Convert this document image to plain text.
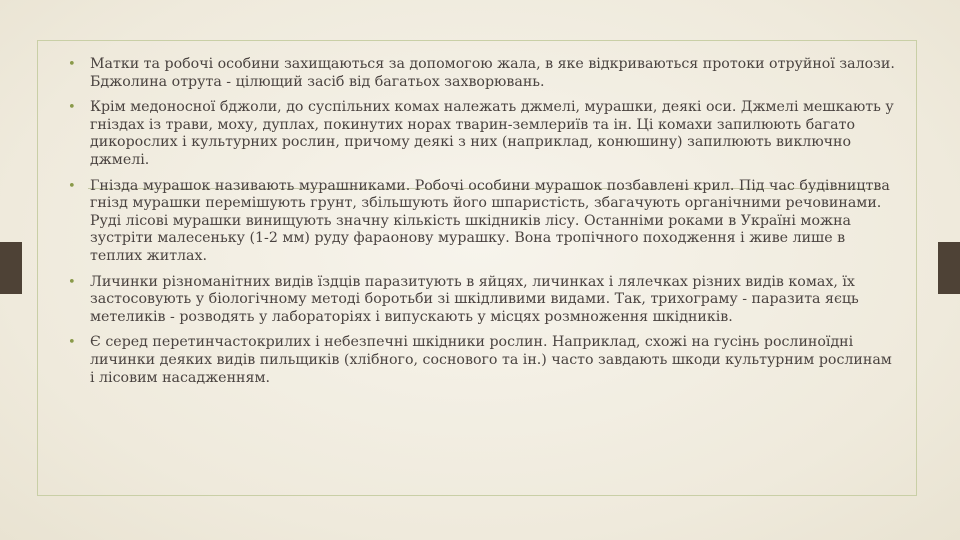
• Матки та робочі особини захищаються за допомогою жала, в яке відкриваються протоки отруйної залози. Бджолина отрута - цілющий засіб від багатьох захворювань.
• Крім медоносної бджоли, до суспільних комах належать джмелі, мурашки, деякі оси. Джмелі мешкають у гніздах із трави, моху, дуплах, покинутих норах тварин-землериїв та ін. Ці комахи запилюють багато дикорослих і культурних рослин, причому деякі з них (наприклад, конюшину) запилюють виключно джмелі.
• Гнізда мурашок називають мурашниками. Робочі особини мурашок позбавлені крил. Під час будівництва гнізд мурашки перемішують грунт, збільшують його шпаристість, збагачують органічними речовинами. Руді лісові мурашки винищують значну кількість шкідників лісу. Останніми роками в Україні можна зустріти малесеньку (1-2 мм) руду фараонову мурашку. Вона тропічного походження і живе лише в теплих житлах.
• Личинки різноманітних видів їздців паразитують в яйцях, личинках і лялечках різних видів комах, їх застосовують у біологічному методі боротьби зі шкідливими видами. Так, трихограму - паразита яєць метеликів - розводять у лабораторіях і випускають у місцях розмноження шкідників.
• Є серед перетинчастокрилих і небезпечні шкідники рослин. Наприклад, схожі на гусінь рослиноїдні личинки деяких видів пильщиків (хлібного, соснового та ін.) часто завдають шкоди культурним рослинам і лісовим насадженням.
